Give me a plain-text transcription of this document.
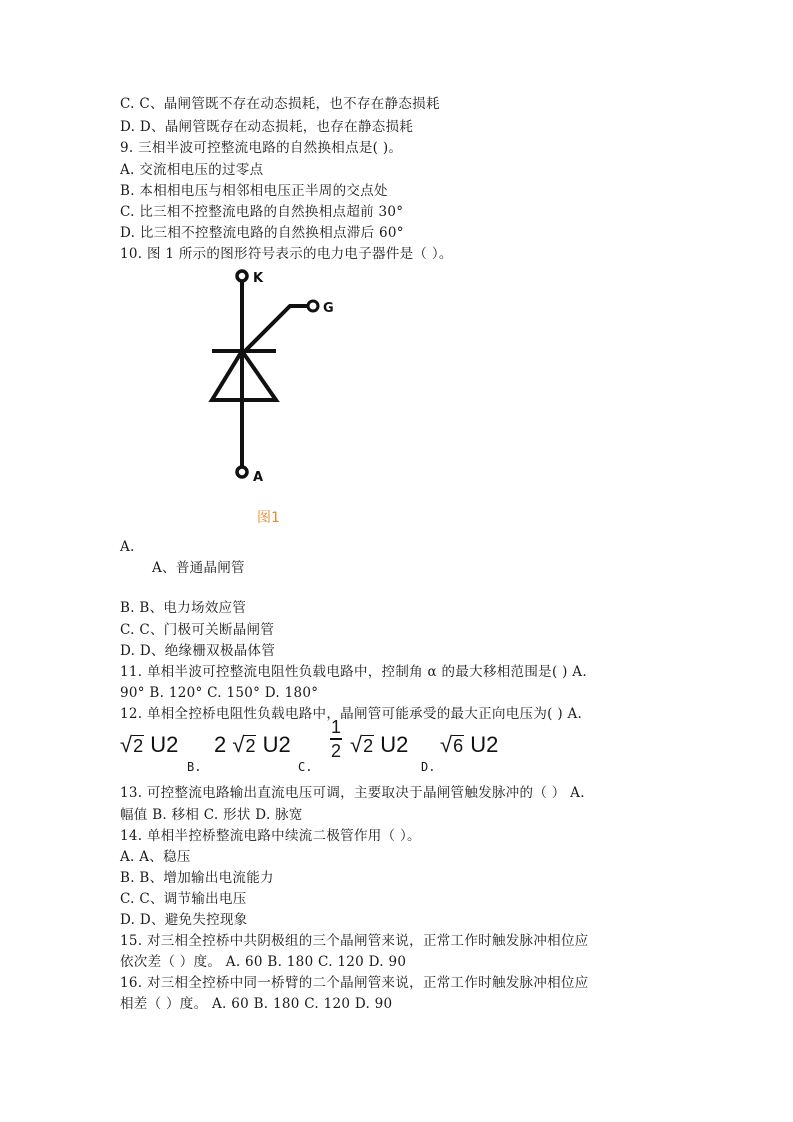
C. C、晶闸管既不存在动态损耗，也不存在静态损耗
D. D、晶闸管既存在动态损耗，也存在静态损耗
9. 三相半波可控整流电路的自然换相点是( )。
A. 交流相电压的过零点
B. 本相相电压与相邻相电压正半周的交点处
C. 比三相不控整流电路的自然换相点超前 30°
D. 比三相不控整流电路的自然换相点滞后 60°
10. 图 1 所示的图形符号表示的电力电子器件是（ ）。
K
G
A
图1
A.
A、普通晶闸管
B. B、电力场效应管
C. C、门极可关断晶闸管
D. D、绝缘栅双极晶体管
11. 单相半波可控整流电阻性负载电路中，控制角 α 的最大移相范围是( ) A.
90° B. 120° C. 150° D. 180°
12. 单相全控桥电阻性负载电路中，晶闸管可能承受的最大正向电压为( ) A.
√2 U2
B.
2 √2 U2
C.
1
2 √2 U2
D.
√6 U2
13. 可控整流电路输出直流电压可调，主要取决于晶闸管触发脉冲的（ ） A.
幅值 B. 移相 C. 形状 D. 脉宽
14. 单相半控桥整流电路中续流二极管作用（ ）。
A. A、稳压
B. B、增加输出电流能力
C. C、调节输出电压
D. D、避免失控现象
15. 对三相全控桥中共阴极组的三个晶闸管来说，正常工作时触发脉冲相位应
依次差（ ）度。 A. 60 B. 180 C. 120 D. 90
16. 对三相全控桥中同一桥臂的二个晶闸管来说，正常工作时触发脉冲相位应
相差（ ）度。 A. 60 B. 180 C. 120 D. 90
